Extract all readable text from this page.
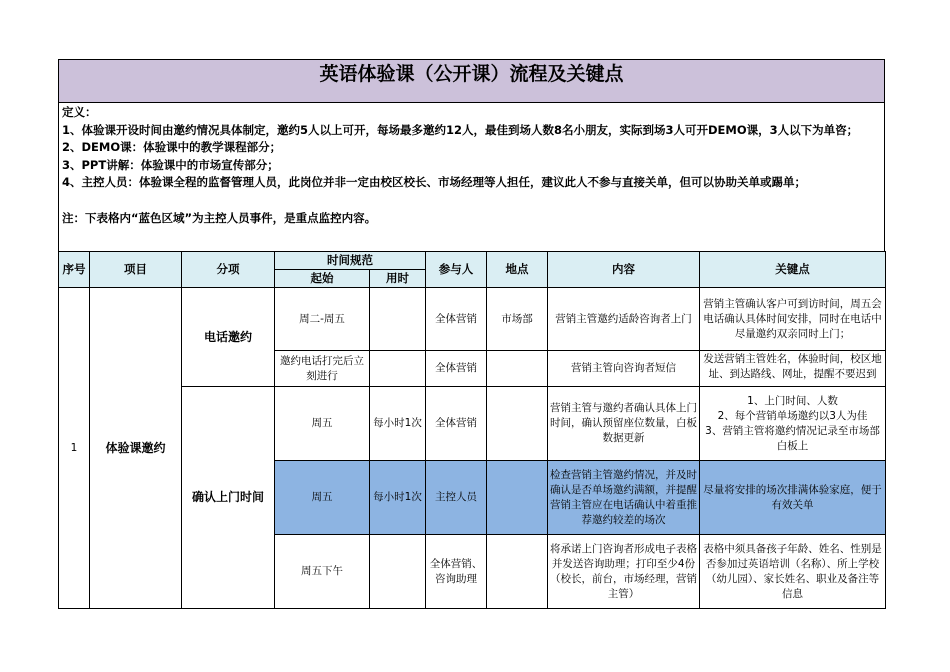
英语体验课（公开课）流程及关键点
定义：
1、体验课开设时间由邀约情况具体制定，邀约5人以上可开，每场最多邀约12人，最佳到场人数8名小朋友，实际到场3人可开DEMO课，3人以下为单咨；
2、DEMO课：体验课中的教学课程部分；
3、PPT讲解：体验课中的市场宣传部分；
4、主控人员：体验课全程的监督管理人员，此岗位并非一定由校区校长、市场经理等人担任，建议此人不参与直接关单，但可以协助关单或踢单；
注：下表格内“蓝色区域”为主控人员事件，是重点监控内容。
序号	项目	分项	时间规范		参与人	地点	内容	关键点
			起始	用时				
1	体验课邀约	电话邀约	周二-周五		全体营销	市场部	营销主管邀约适龄咨询者上门	营销主管确认客户可到访时间，周五会电话确认具体时间安排，同时在电话中尽量邀约双亲同时上门；
			邀约电话打完后立刻进行		全体营销		营销主管向咨询者短信	发送营销主管姓名，体验时间，校区地址、到达路线、网址，提醒不要迟到
		确认上门时间	周五	每小时1次	全体营销		营销主管与邀约者确认具体上门时间，确认预留座位数量，白板数据更新	1、上门时间、人数
2、每个营销单场邀约以3人为佳
3、营销主管将邀约情况记录至市场部白板上
			周五	每小时1次	主控人员		检查营销主管邀约情况，并及时确认是否单场邀约满额，并提醒营销主管应在电话确认中着重推荐邀约较差的场次	尽量将安排的场次排满体验家庭，便于有效关单
			周五下午		全体营销、咨询助理		将承诺上门咨询者形成电子表格并发送咨询助理；打印至少4份（校长，前台，市场经理，营销主管）	表格中须具备孩子年龄、姓名、性别是否参加过英语培训（名称）、所上学校（幼儿园）、家长姓名、职业及备注等信息
